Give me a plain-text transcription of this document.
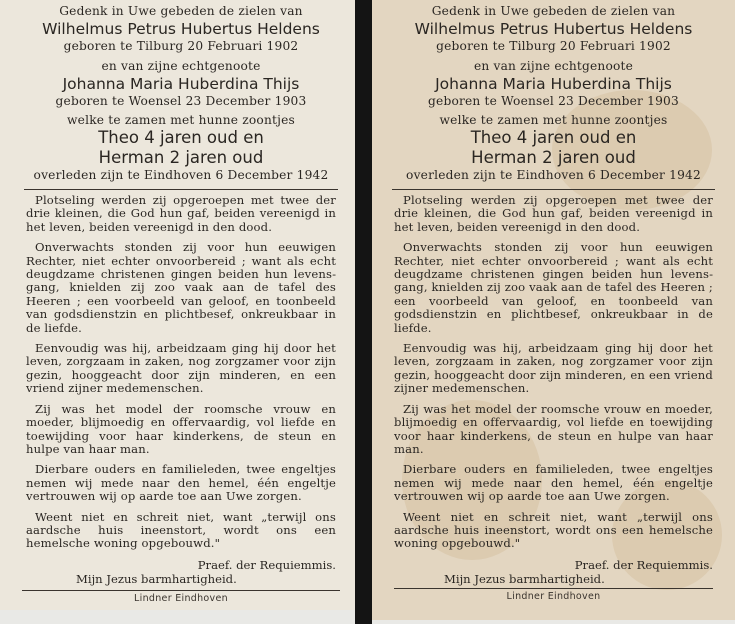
Gedenk in Uwe gebeden de zielen van
Wilhelmus Petrus Hubertus Heldens
geboren te Tilburg 20 Februari 1902
en van zijne echtgenoote
Johanna Maria Huberdina Thijs
geboren te Woensel 23 December 1903
welke te zamen met hunne zoontjes
Theo 4 jaren oud en
Herman 2 jaren oud
overleden zijn te Eindhoven 6 December 1942

Plotseling werden zij opgeroepen met twee der drie kleinen, die God hun gaf, beiden vereenigd in het leven, beiden vereenigd in den dood.

Onverwachts stonden zij voor hun eeuwigen Rechter, niet echter onvoorbereid ; want als echt deugdzame christenen gingen beiden hun levensgang, knielden zij zoo vaak aan de tafel des Heeren ; een voorbeeld van geloof, en toonbeeld van godsdienstzin en plichtbesef, onkreukbaar in de liefde.

Eenvoudig was hij, arbeidzaam ging hij door het leven, zorgzaam in zaken, nog zorgzamer voor zijn gezin, hooggeacht door zijn minderen, en een vriend zijner medemenschen.

Zij was het model der roomsche vrouw en moeder, blijmoedig en offervaardig, vol liefde en toewijding voor haar kinderkens, de steun en hulpe van haar man.

Dierbare ouders en familieleden, twee engeltjes nemen wij mede naar den hemel, één engeltje vertrouwen wij op aarde toe aan Uwe zorgen.

Weent niet en schreit niet, want „terwijl ons aardsche huis ineenstort, wordt ons een hemelsche woning opgebouwd."

Praef. der Requiemmis.
Mijn Jezus barmhartigheid.
Lindner Eindhoven
Gedenk in Uwe gebeden de zielen van
Wilhelmus Petrus Hubertus Heldens
geboren te Tilburg 20 Februari 1902
en van zijne echtgenoote
Johanna Maria Huberdina Thijs
geboren te Woensel 23 December 1903
welke te zamen met hunne zoontjes
Theo 4 jaren oud en
Herman 2 jaren oud
overleden zijn te Eindhoven 6 December 1942

Plotseling werden zij opgeroepen met twee der drie kleinen, die God hun gaf, beiden vereenigd in het leven, beiden vereenigd in den dood.

Onverwachts stonden zij voor hun eeuwigen Rechter, niet echter onvoorbereid ; want als echt deugdzame christenen gingen beiden hun levensgang, knielden zij zoo vaak aan de tafel des Heeren ; een voorbeeld van geloof, en toonbeeld van godsdienstzin en plichtbesef, onkreukbaar in de liefde.

Eenvoudig was hij, arbeidzaam ging hij door het leven, zorgzaam in zaken, nog zorgzamer voor zijn gezin, hooggeacht door zijn minderen, en een vriend zijner medemenschen.

Zij was het model der roomsche vrouw en moeder, blijmoedig en offervaardig, vol liefde en toewijding voor haar kinderkens, de steun en hulpe van haar man.

Dierbare ouders en familieleden, twee engeltjes nemen wij mede naar den hemel, één engeltje vertrouwen wij op aarde toe aan Uwe zorgen.

Weent niet en schreit niet, want „terwijl ons aardsche huis ineenstort, wordt ons een hemelsche woning opgebouwd."

Praef. der Requiemmis.
Mijn Jezus barmhartigheid.
Lindner Eindhoven
